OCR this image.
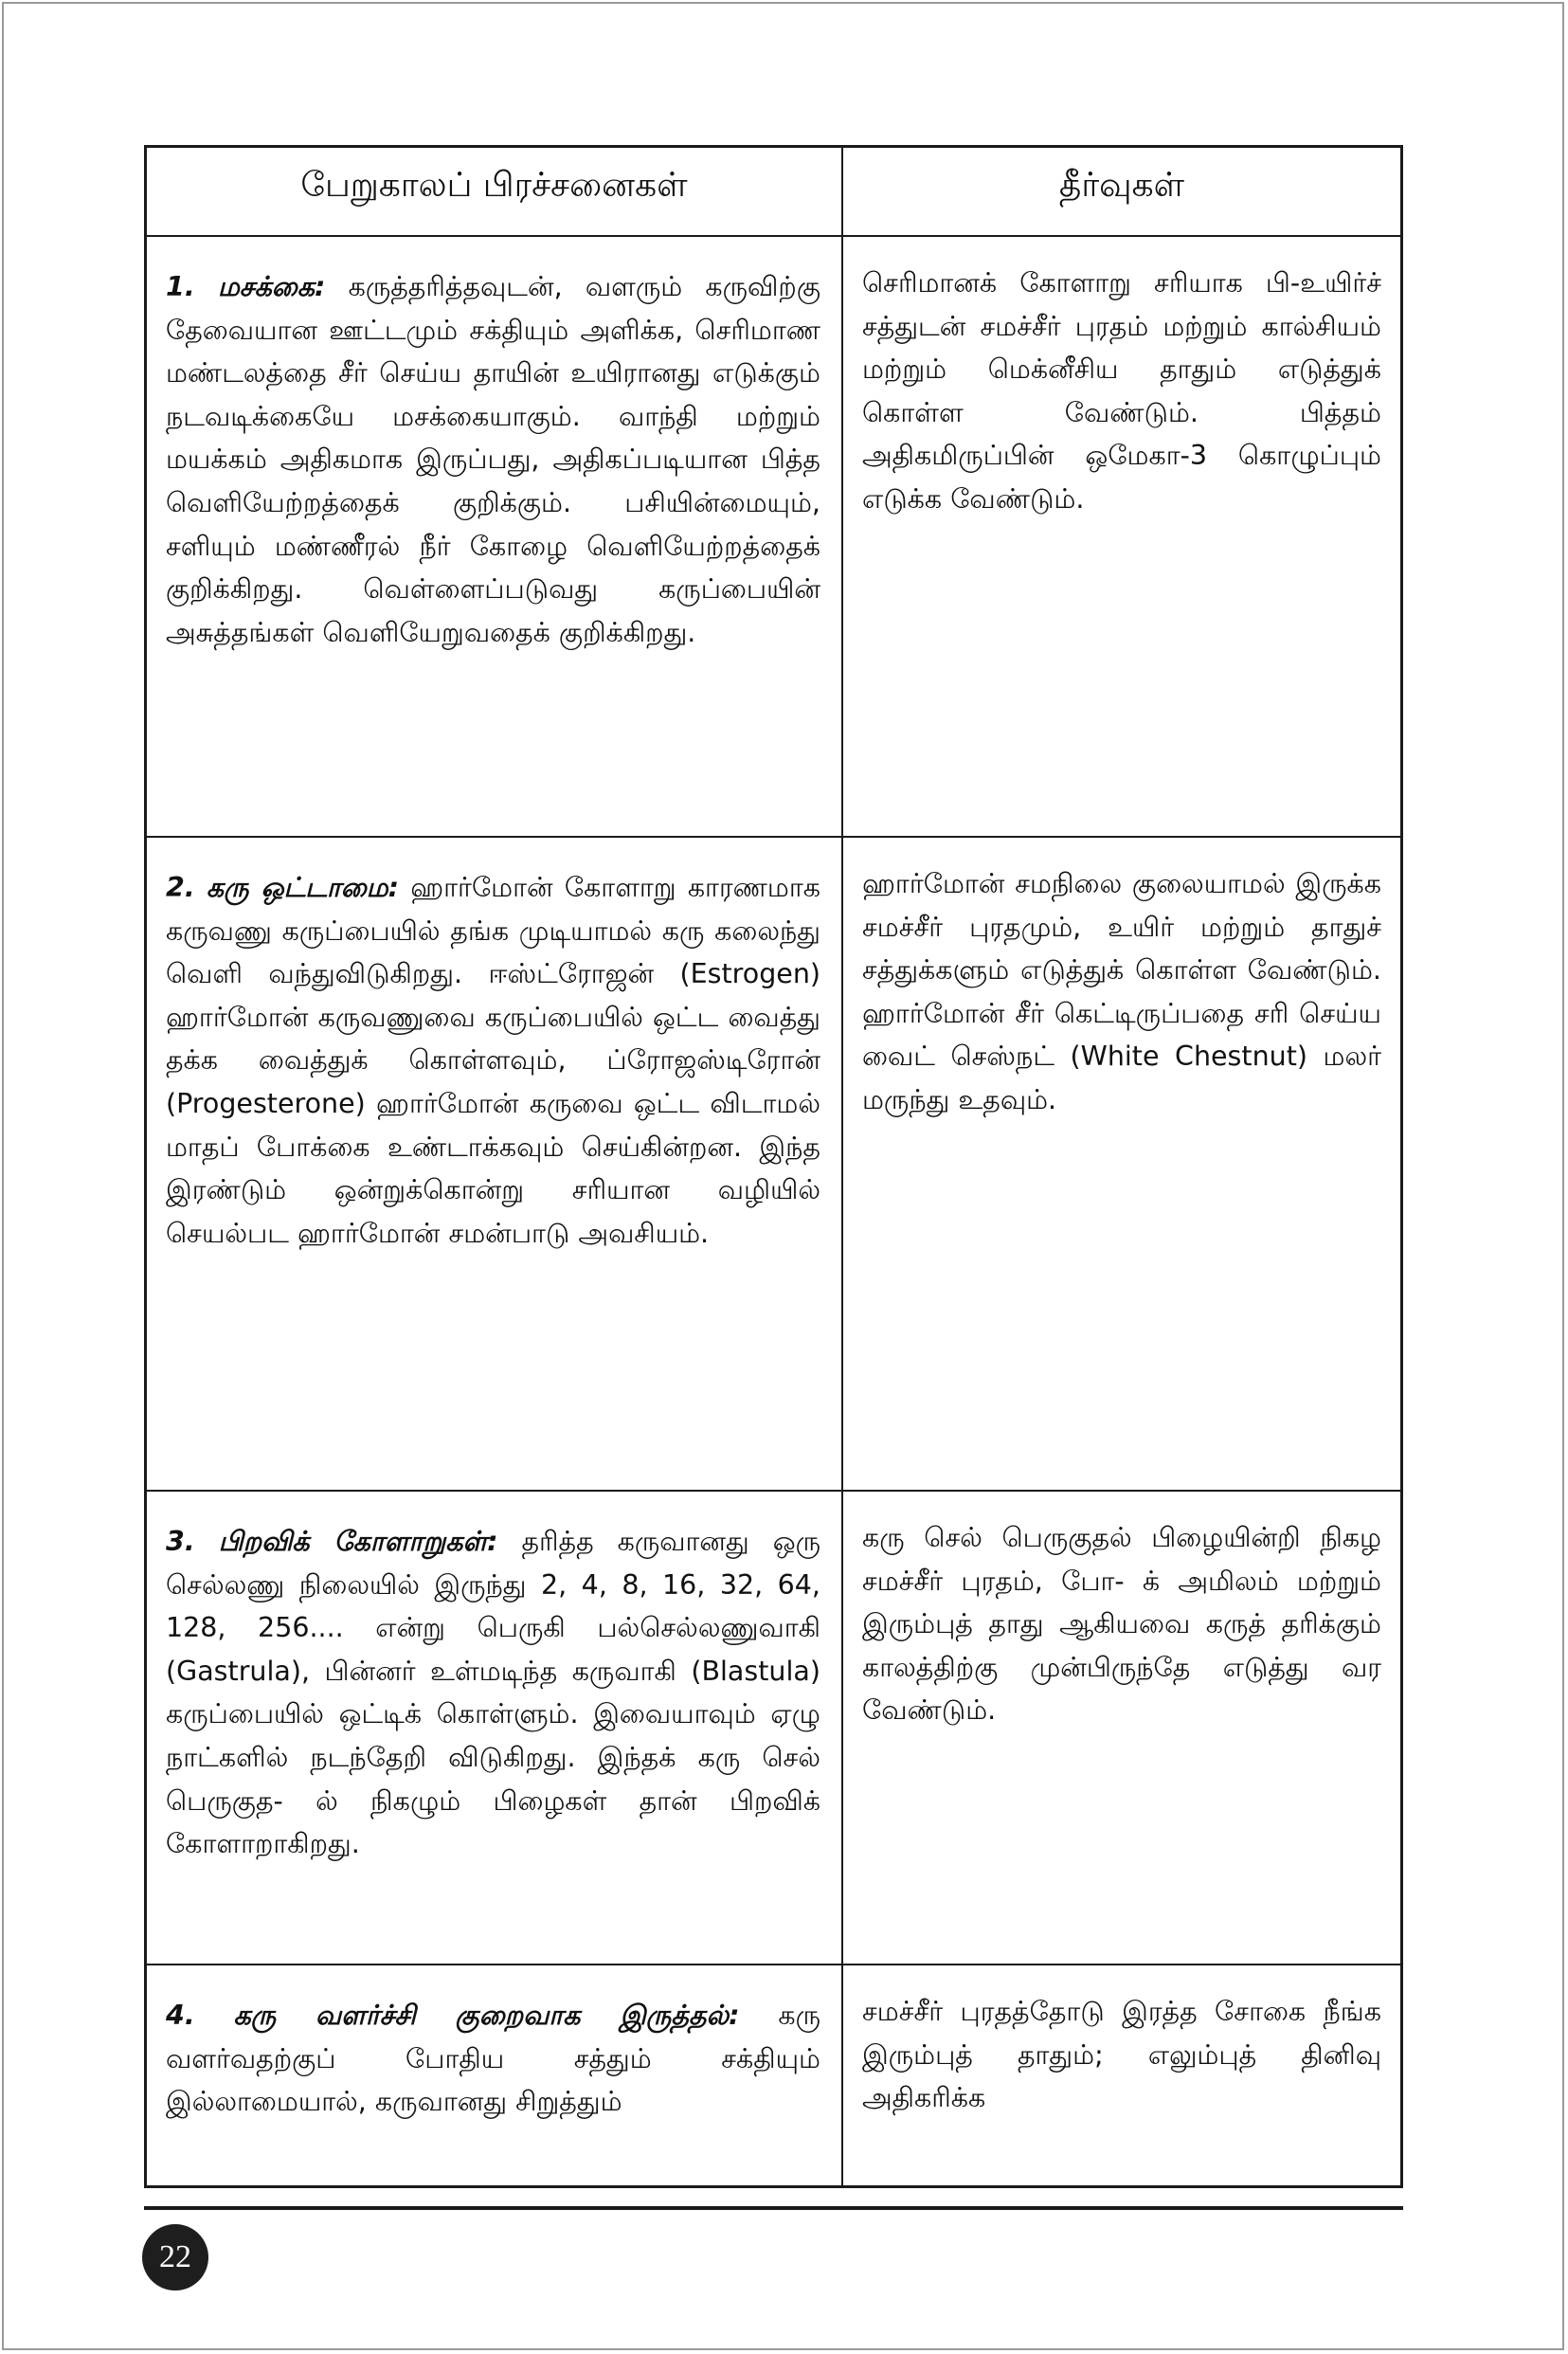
பேறுகாலப் பிரச்சனைகள்	தீர்வுகள்
1. மசக்கை: கருத்தரித்தவுடன், வளரும் கருவிற்கு தேவையான ஊட்டமும் சக்தியும் அளிக்க, செரிமாண மண்டலத்தை சீர் செய்ய தாயின் உயிரானது எடுக்கும் நடவடிக்கையே மசக்கையாகும். வாந்தி மற்றும் மயக்கம் அதிகமாக இருப்பது, அதிகப்படியான பித்த வெளியேற்றத்தைக் குறிக்கும். பசியின்மையும், சளியும் மண்ணீரல் நீர் கோழை வெளியேற்றத்தைக் குறிக்கிறது. வெள்ளைப்படுவது கருப்பையின் அசுத்தங்கள் வெளியேறுவதைக் குறிக்கிறது.
செரிமானக் கோளாறு சரியாக பி-உயிர்ச் சத்துடன் சமச்சீர் புரதம் மற்றும் கால்சியம் மற்றும் மெக்னீசிய தாதும் எடுத்துக் கொள்ள வேண்டும். பித்தம் அதிகமிருப்பின் ஒமேகா-3 கொழுப்பும் எடுக்க வேண்டும்.
2. கரு ஒட்டாமை: ஹார்மோன் கோளாறு காரணமாக கருவணு கருப்பையில் தங்க முடியாமல் கரு கலைந்து வெளி வந்துவிடுகிறது. ஈஸ்ட்ரோஜன் (Estrogen) ஹார்மோன் கருவணுவை கருப்பையில் ஒட்ட வைத்து தக்க வைத்துக் கொள்ளவும், ப்ரோஜஸ்டிரோன் (Progesterone) ஹார்மோன் கருவை ஒட்ட விடாமல் மாதப் போக்கை உண்டாக்கவும் செய்கின்றன. இந்த இரண்டும் ஒன்றுக்கொன்று சரியான வழியில் செயல்பட ஹார்மோன் சமன்பாடு அவசியம்.
ஹார்மோன் சமநிலை குலையாமல் இருக்க சமச்சீர் புரதமும், உயிர் மற்றும் தாதுச் சத்துக்களும் எடுத்துக் கொள்ள வேண்டும். ஹார்மோன் சீர் கெட்டிருப்பதை சரி செய்ய வைட் செஸ்நட் (White Chestnut) மலர் மருந்து உதவும்.
3. பிறவிக் கோளாறுகள்: தரித்த கருவானது ஒரு செல்லணு நிலையில் இருந்து 2, 4, 8, 16, 32, 64, 128, 256.... என்று பெருகி பல்செல்லணுவாகி (Gastrula), பின்னர் உள்மடிந்த கருவாகி (Blastula) கருப்பையில் ஒட்டிக் கொள்ளும். இவையாவும் ஏழு நாட்களில் நடந்தேறி விடுகிறது. இந்தக் கரு செல் பெருகுத- ல் நிகழும் பிழைகள் தான் பிறவிக் கோளாறாகிறது.
கரு செல் பெருகுதல் பிழையின்றி நிகழ சமச்சீர் புரதம், போ- க் அமிலம் மற்றும் இரும்புத் தாது ஆகியவை கருத் தரிக்கும் காலத்திற்கு முன்பிருந்தே எடுத்து வர வேண்டும்.
4. கரு வளர்ச்சி குறைவாக இருத்தல்: கரு வளர்வதற்குப் போதிய சத்தும் சக்தியும் இல்லாமையால், கருவானது சிறுத்தும்
சமச்சீர் புரதத்தோடு இரத்த சோகை நீங்க இரும்புத் தாதும்; எலும்புத் தினிவு அதிகரிக்க
22
